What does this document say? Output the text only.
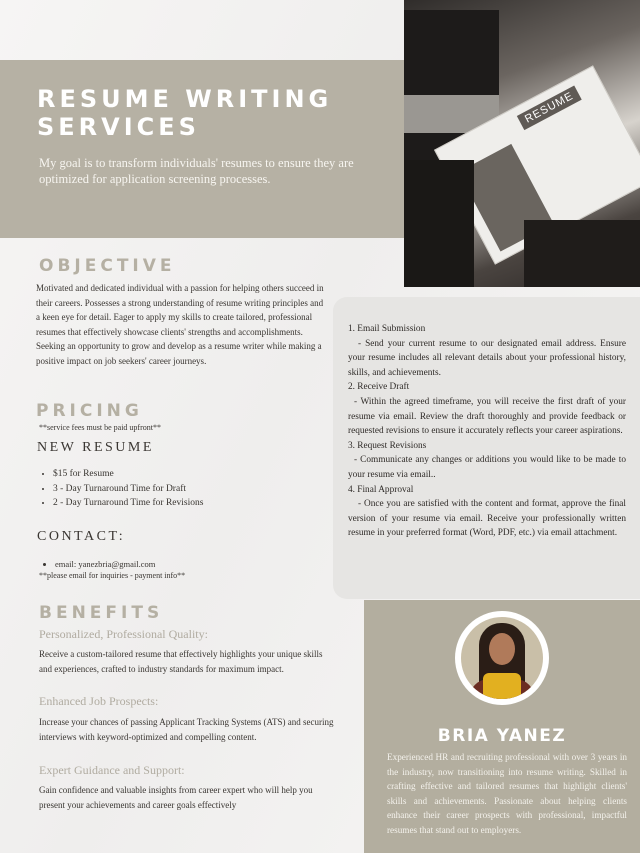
RESUME WRITING
SERVICES
My goal is to transform individuals' resumes to ensure they are optimized for application screening processes.
RESUME
OBJECTIVE
Motivated and dedicated individual with a passion for helping others succeed in their careers. Possesses a strong understanding of resume writing principles and a keen eye for detail. Eager to apply my skills to create tailored, professional resumes that effectively showcase clients' strengths and accomplishments. Seeking an opportunity to grow and develop as a resume writer while making a positive impact on job seekers' career journeys.
PRICING
**service fees must be paid upfront**
NEW RESUME
• $15 for Resume
• 3 - Day Turnaround Time for Draft
• 2 - Day Turnaround Time for Revisions
CONTACT:
• email: yanezbria@gmail.com
**please email for inquiries - payment info**
BENEFITS
Personalized, Professional Quality:
Receive a custom-tailored resume that effectively highlights your unique skills and experiences, crafted to industry standards for maximum impact.
Enhanced Job Prospects:
Increase your chances of passing Applicant Tracking Systems (ATS) and securing interviews with keyword-optimized and compelling content.
Expert Guidance and Support:
Gain confidence and valuable insights from career expert who will help you present your achievements and career goals effectively
1. Email Submission
- Send your current resume to our designated email address. Ensure your resume includes all relevant details about your professional history, skills, and achievements.
2. Receive Draft
- Within the agreed timeframe, you will receive the first draft of your resume via email. Review the draft thoroughly and provide feedback or requested revisions to ensure it accurately reflects your career aspirations.
3. Request Revisions
- Communicate any changes or additions you would like to be made to your resume via email..
4. Final Approval
- Once you are satisfied with the content and format, approve the final version of your resume via email. Receive your professionally written resume in your preferred format (Word, PDF, etc.) via email attachment.
BRIA YANEZ
Experienced HR and recruiting professional with over 3 years in the industry, now transitioning into resume writing. Skilled in crafting effective and tailored resumes that highlight clients' skills and achievements. Passionate about helping clients enhance their career prospects with professional, impactful resumes that stand out to employers.
